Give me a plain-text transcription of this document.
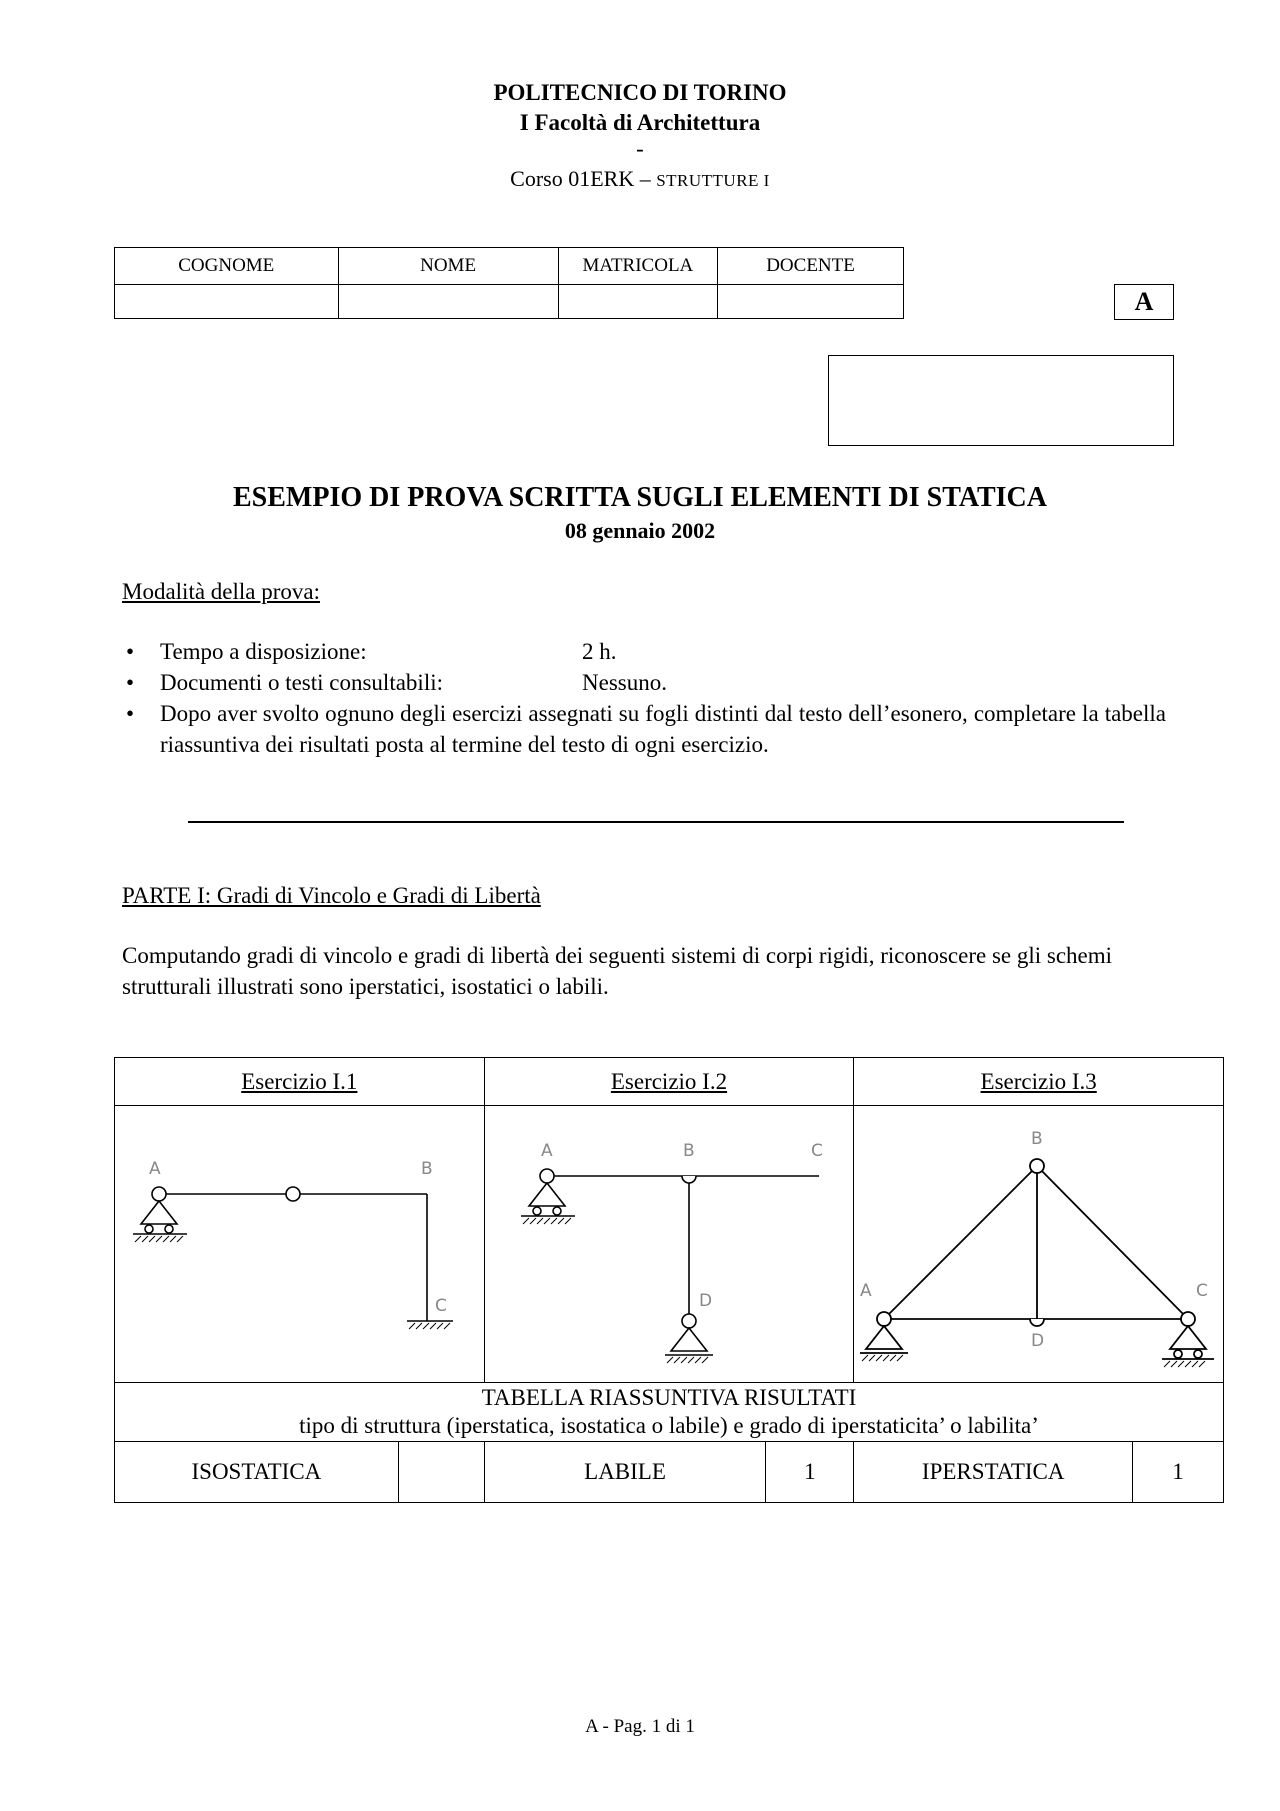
POLITECNICO DI TORINO
I Facoltà di Architettura
-
Corso 01ERK – STRUTTURE I
COGNOME	NOME	MATRICOLA	DOCENTE

A
ESEMPIO DI PROVA SCRITTA SUGLI ELEMENTI DI STATICA
08 gennaio 2002
Modalità della prova:
• Tempo a disposizione:	2 h.
• Documenti o testi consultabili:	Nessuno.
• Dopo aver svolto ognuno degli esercizi assegnati su fogli distinti dal testo dell’esonero, completare la tabella riassuntiva dei risultati posta al termine del testo di ogni esercizio.
PARTE I: Gradi di Vincolo e Gradi di Libertà
Computando gradi di vincolo e gradi di libertà dei seguenti sistemi di corpi rigidi, riconoscere se gli schemi strutturali illustrati sono iperstatici, isostatici o labili.
Esercizio I.1		Esercizio I.2		Esercizio I.3	

A B
C		A B C
D		A
B
C
D	

TABELLA RIASSUNTIVA RISULTATI
tipo di struttura (iperstatica, isostatica o labile) e grado di iperstaticita’ o labilita’					

ISOSTATICA		LABILE	1	IPERSTATICA	1
A - Pag. 1 di 1
